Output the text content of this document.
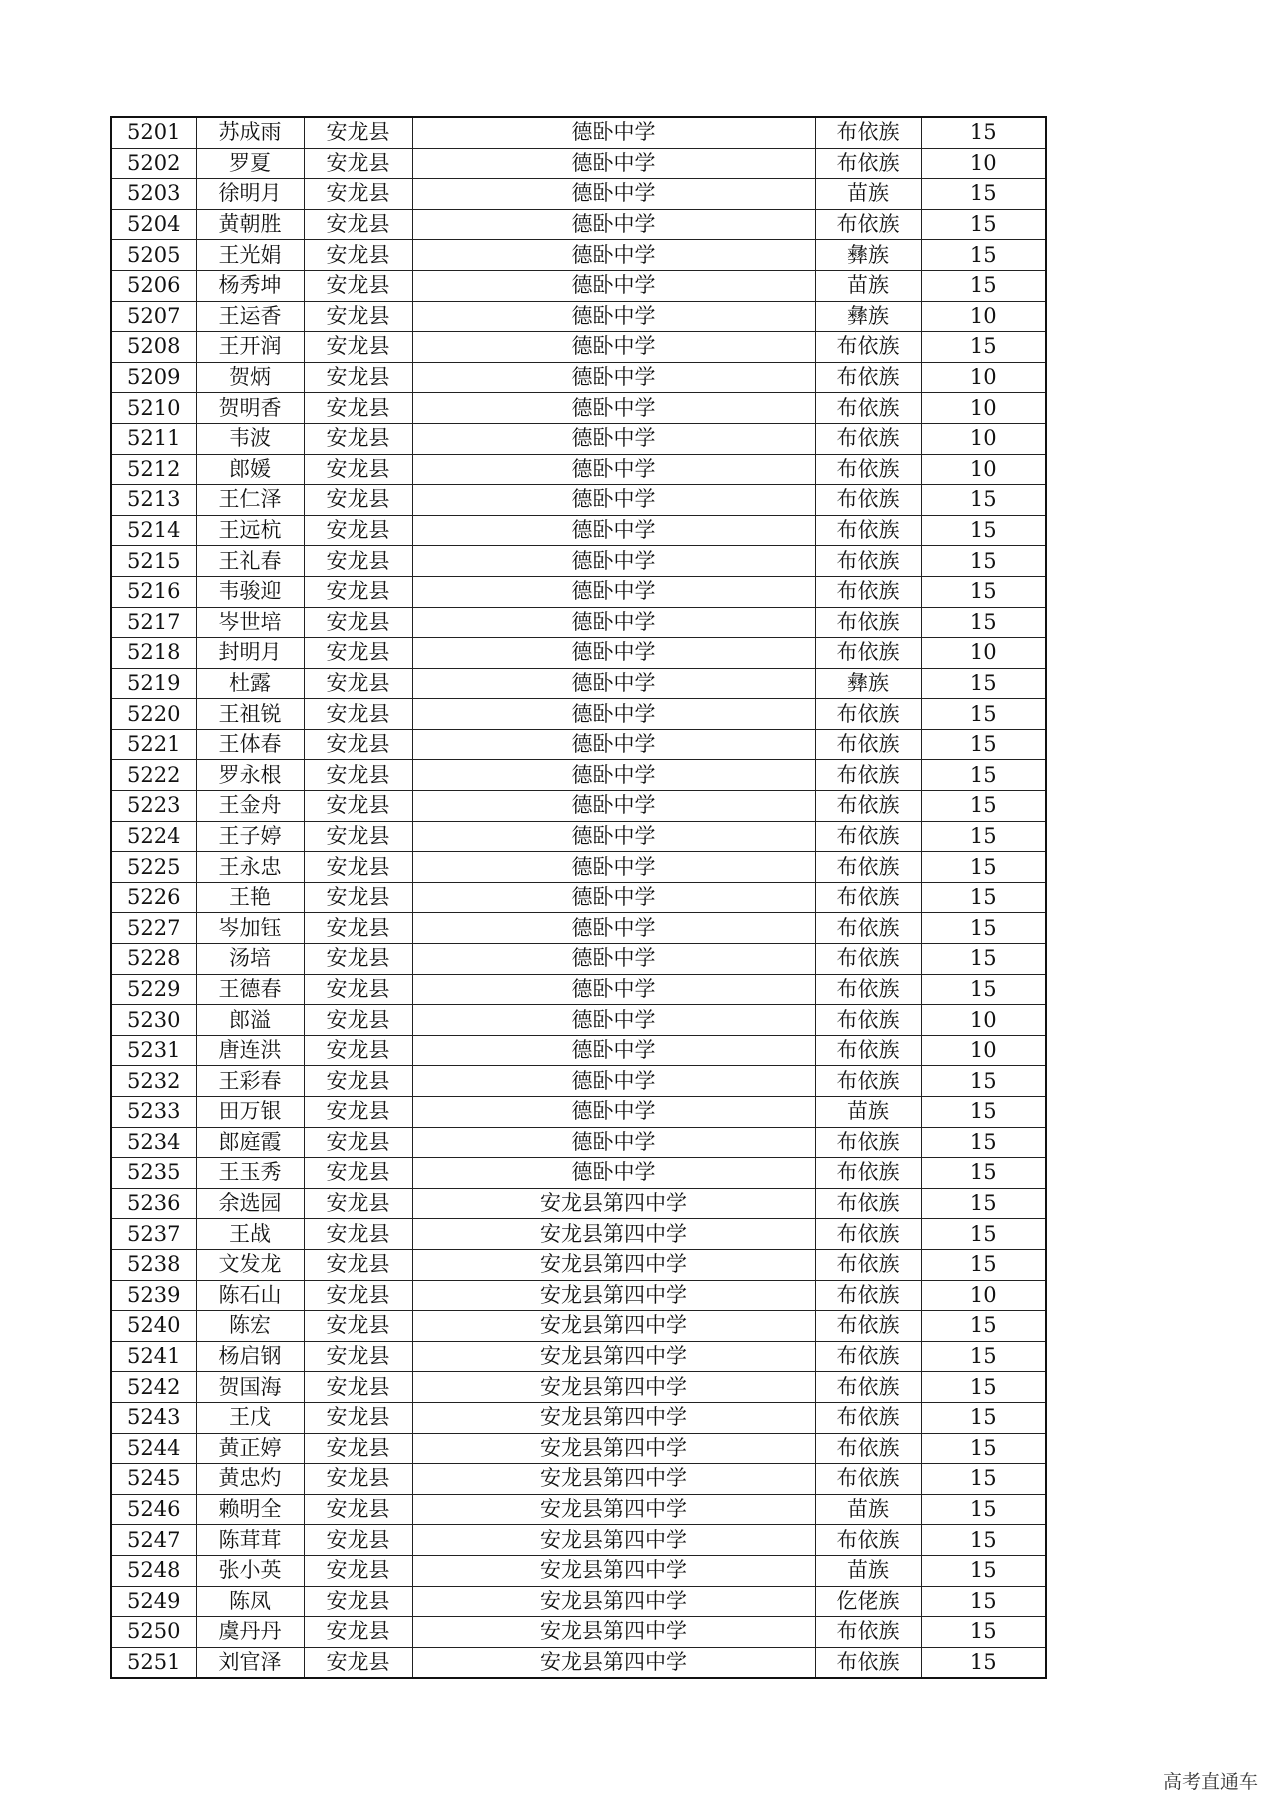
5201	苏成雨	安龙县	德卧中学	布依族	15
5202	罗夏	安龙县	德卧中学	布依族	10
5203	徐明月	安龙县	德卧中学	苗族	15
5204	黄朝胜	安龙县	德卧中学	布依族	15
5205	王光娟	安龙县	德卧中学	彝族	15
5206	杨秀坤	安龙县	德卧中学	苗族	15
5207	王运香	安龙县	德卧中学	彝族	10
5208	王开润	安龙县	德卧中学	布依族	15
5209	贺炳	安龙县	德卧中学	布依族	10
5210	贺明香	安龙县	德卧中学	布依族	10
5211	韦波	安龙县	德卧中学	布依族	10
5212	郎媛	安龙县	德卧中学	布依族	10
5213	王仁泽	安龙县	德卧中学	布依族	15
5214	王远杭	安龙县	德卧中学	布依族	15
5215	王礼春	安龙县	德卧中学	布依族	15
5216	韦骏迎	安龙县	德卧中学	布依族	15
5217	岑世培	安龙县	德卧中学	布依族	15
5218	封明月	安龙县	德卧中学	布依族	10
5219	杜露	安龙县	德卧中学	彝族	15
5220	王祖锐	安龙县	德卧中学	布依族	15
5221	王体春	安龙县	德卧中学	布依族	15
5222	罗永根	安龙县	德卧中学	布依族	15
5223	王金舟	安龙县	德卧中学	布依族	15
5224	王子婷	安龙县	德卧中学	布依族	15
5225	王永忠	安龙县	德卧中学	布依族	15
5226	王艳	安龙县	德卧中学	布依族	15
5227	岑加钰	安龙县	德卧中学	布依族	15
5228	汤培	安龙县	德卧中学	布依族	15
5229	王德春	安龙县	德卧中学	布依族	15
5230	郎溢	安龙县	德卧中学	布依族	10
5231	唐连洪	安龙县	德卧中学	布依族	10
5232	王彩春	安龙县	德卧中学	布依族	15
5233	田万银	安龙县	德卧中学	苗族	15
5234	郎庭霞	安龙县	德卧中学	布依族	15
5235	王玉秀	安龙县	德卧中学	布依族	15
5236	余选园	安龙县	安龙县第四中学	布依族	15
5237	王战	安龙县	安龙县第四中学	布依族	15
5238	文发龙	安龙县	安龙县第四中学	布依族	15
5239	陈石山	安龙县	安龙县第四中学	布依族	10
5240	陈宏	安龙县	安龙县第四中学	布依族	15
5241	杨启钢	安龙县	安龙县第四中学	布依族	15
5242	贺国海	安龙县	安龙县第四中学	布依族	15
5243	王戊	安龙县	安龙县第四中学	布依族	15
5244	黄正婷	安龙县	安龙县第四中学	布依族	15
5245	黄忠灼	安龙县	安龙县第四中学	布依族	15
5246	赖明全	安龙县	安龙县第四中学	苗族	15
5247	陈茸茸	安龙县	安龙县第四中学	布依族	15
5248	张小英	安龙县	安龙县第四中学	苗族	15
5249	陈凤	安龙县	安龙县第四中学	仡佬族	15
5250	虞丹丹	安龙县	安龙县第四中学	布依族	15
5251	刘官泽	安龙县	安龙县第四中学	布依族	15
高考直通车
